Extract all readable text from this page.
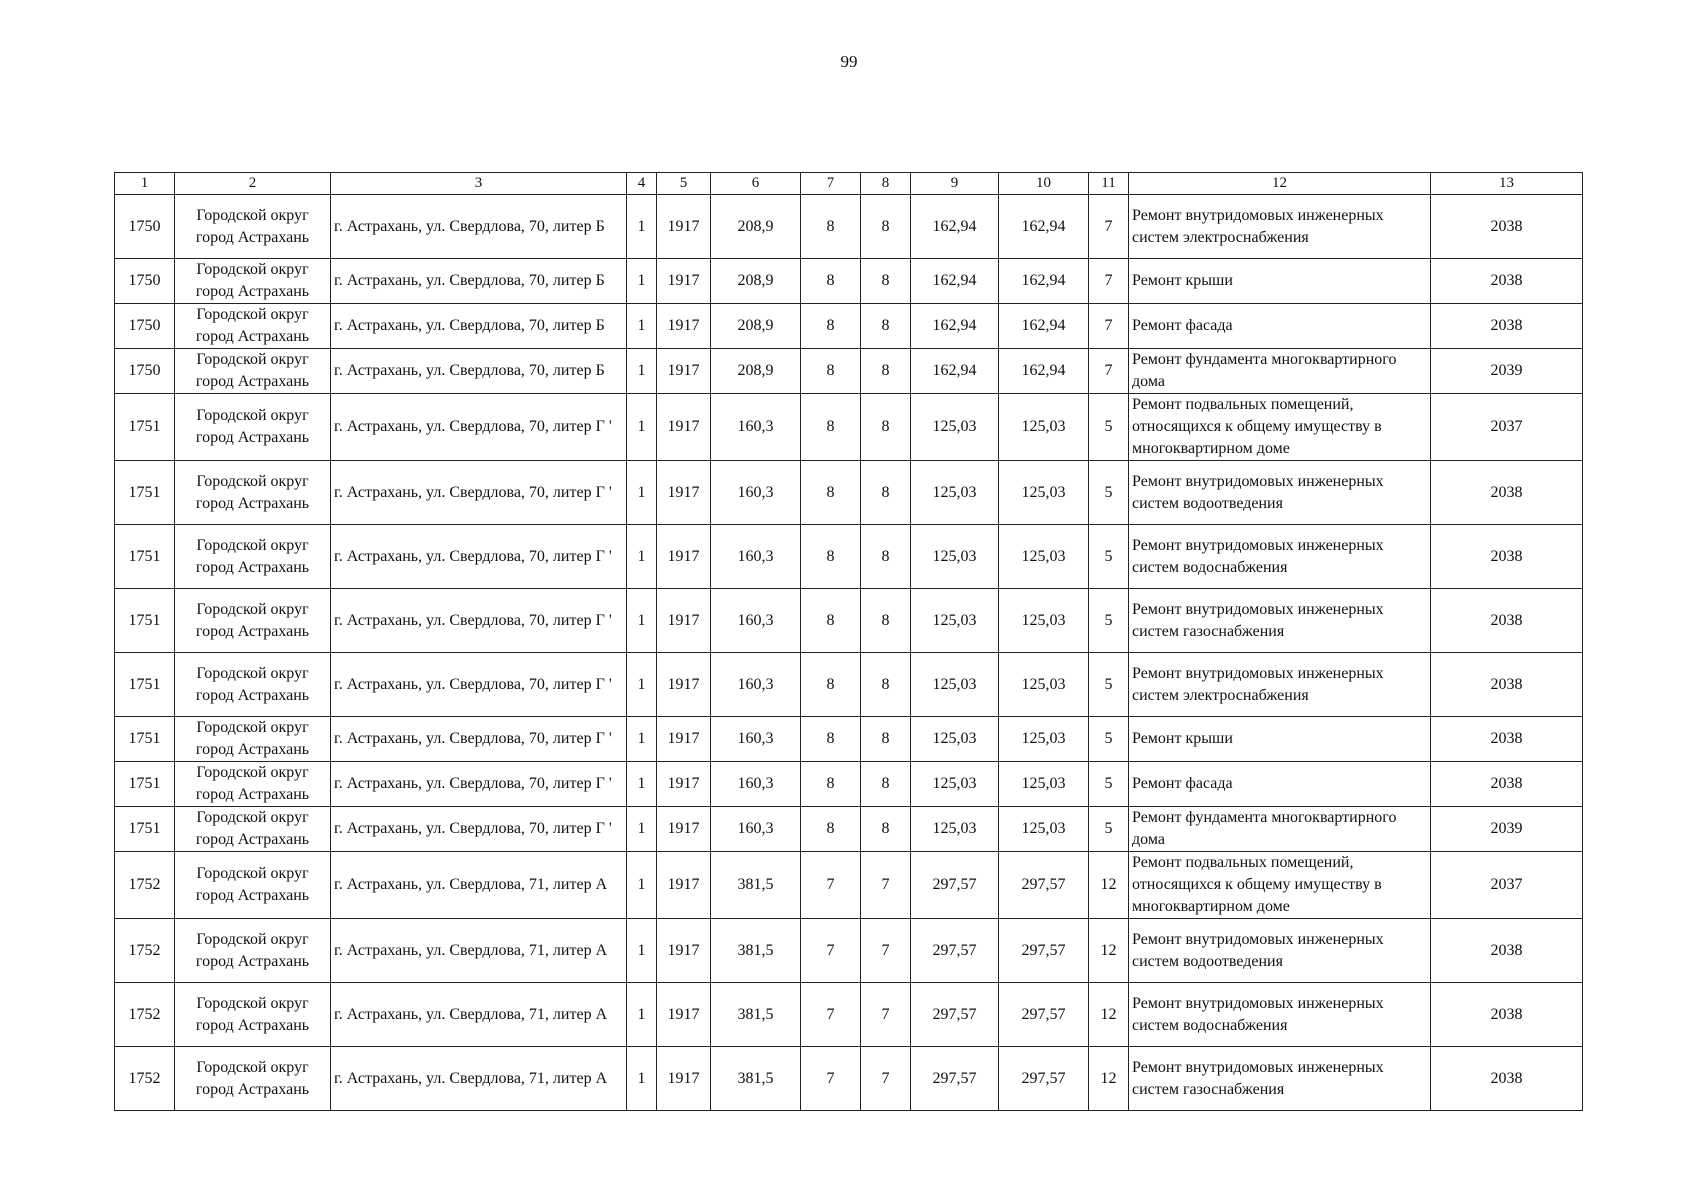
99
1	2	3	4	5	6	7	8	9	10	11	12	13
1750	Городской округ город Астрахань	г. Астрахань, ул. Свердлова, 70, литер Б	1	1917	208,9	8	8	162,94	162,94	7	Ремонт внутридомовых инженерных систем электроснабжения	2038
1750	Городской округ город Астрахань	г. Астрахань, ул. Свердлова, 70, литер Б	1	1917	208,9	8	8	162,94	162,94	7	Ремонт крыши	2038
1750	Городской округ город Астрахань	г. Астрахань, ул. Свердлова, 70, литер Б	1	1917	208,9	8	8	162,94	162,94	7	Ремонт фасада	2038
1750	Городской округ город Астрахань	г. Астрахань, ул. Свердлова, 70, литер Б	1	1917	208,9	8	8	162,94	162,94	7	Ремонт фундамента многоквартирного дома	2039
1751	Городской округ город Астрахань	г. Астрахань, ул. Свердлова, 70, литер Г '	1	1917	160,3	8	8	125,03	125,03	5	Ремонт подвальных помещений, относящихся к общему имуществу в многоквартирном доме	2037
1751	Городской округ город Астрахань	г. Астрахань, ул. Свердлова, 70, литер Г '	1	1917	160,3	8	8	125,03	125,03	5	Ремонт внутридомовых инженерных систем водоотведения	2038
1751	Городской округ город Астрахань	г. Астрахань, ул. Свердлова, 70, литер Г '	1	1917	160,3	8	8	125,03	125,03	5	Ремонт внутридомовых инженерных систем водоснабжения	2038
1751	Городской округ город Астрахань	г. Астрахань, ул. Свердлова, 70, литер Г '	1	1917	160,3	8	8	125,03	125,03	5	Ремонт внутридомовых инженерных систем газоснабжения	2038
1751	Городской округ город Астрахань	г. Астрахань, ул. Свердлова, 70, литер Г '	1	1917	160,3	8	8	125,03	125,03	5	Ремонт внутридомовых инженерных систем электроснабжения	2038
1751	Городской округ город Астрахань	г. Астрахань, ул. Свердлова, 70, литер Г '	1	1917	160,3	8	8	125,03	125,03	5	Ремонт крыши	2038
1751	Городской округ город Астрахань	г. Астрахань, ул. Свердлова, 70, литер Г '	1	1917	160,3	8	8	125,03	125,03	5	Ремонт фасада	2038
1751	Городской округ город Астрахань	г. Астрахань, ул. Свердлова, 70, литер Г '	1	1917	160,3	8	8	125,03	125,03	5	Ремонт фундамента многоквартирного дома	2039
1752	Городской округ город Астрахань	г. Астрахань, ул. Свердлова, 71, литер А	1	1917	381,5	7	7	297,57	297,57	12	Ремонт подвальных помещений, относящихся к общему имуществу в многоквартирном доме	2037
1752	Городской округ город Астрахань	г. Астрахань, ул. Свердлова, 71, литер А	1	1917	381,5	7	7	297,57	297,57	12	Ремонт внутридомовых инженерных систем водоотведения	2038
1752	Городской округ город Астрахань	г. Астрахань, ул. Свердлова, 71, литер А	1	1917	381,5	7	7	297,57	297,57	12	Ремонт внутридомовых инженерных систем водоснабжения	2038
1752	Городской округ город Астрахань	г. Астрахань, ул. Свердлова, 71, литер А	1	1917	381,5	7	7	297,57	297,57	12	Ремонт внутридомовых инженерных систем газоснабжения	2038
